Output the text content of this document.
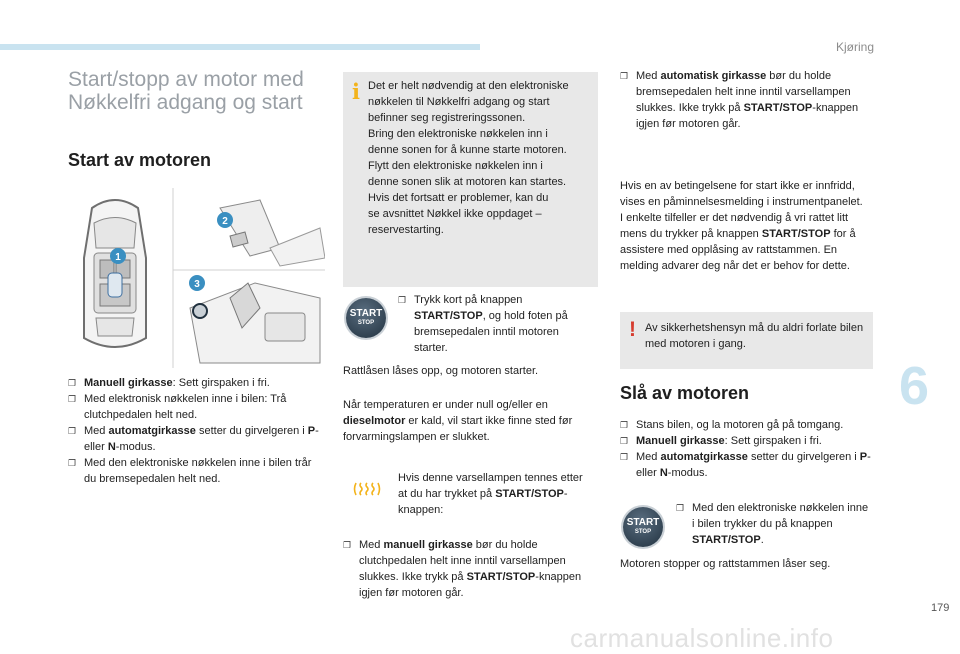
Kjøring
Start/stopp av motor med
Nøkkelfri adgang og start
Start av motoren
1
2
3
❐ Manuell girkasse: Sett girspaken i fri.
❐ Med elektronisk nøkkelen inne i bilen: Trå clutchpedalen helt ned.
❐ Med automatgirkasse setter du girvelgeren i P- eller N-modus.
❐ Med den elektroniske nøkkelen inne i bilen trår du bremsepedalen helt ned.
i Det er helt nødvendig at den elektroniske

nøkkelen til Nøkkelfri adgang og start

befinner seg registreringssonen.

Bring den elektroniske nøkkelen inn i

denne sonen for å kunne starte motoren.

Flytt den elektroniske nøkkelen inn i

denne sonen slik at motoren kan startes.

Hvis det fortsatt er problemer, kan du

se avsnittet Nøkkel ikke oppdaget –

reservestarting.

START
STOP
❐ Trykk kort på knappen START/STOP, og hold foten på bremsepedalen inntil motoren starter.

Rattlåsen låses opp, og motoren starter.

Når temperaturen er under null og/eller en dieselmotor er kald, vil start ikke finne sted før forvarmingslampen er slukket.

Hvis denne varsellampen tennes etter at du har trykket på START/STOP-knappen:

❐ Med manuell girkasse bør du holde clutchpedalen helt inne inntil varsellampen slukkes. Ikke trykk på START/STOP-knappen igjen før motoren går.
❐ Med automatisk girkasse bør du holde bremsepedalen helt inne inntil varsellampen slukkes. Ikke trykk på START/STOP-knappen igjen før motoren går.

Hvis en av betingelsene for start ikke er innfridd, vises en påminnelsesmelding i instrumentpanelet.

I enkelte tilfeller er det nødvendig å vri rattet litt mens du trykker på knappen START/STOP for å assistere med opplåsing av rattstammen. En melding advarer deg når det er behov for dette.

! Av sikkerhetshensyn må du aldri forlate bilen med motoren i gang.
Slå av motoren
❐ Stans bilen, og la motoren gå på tomgang.
❐ Manuell girkasse: Sett girspaken i fri.
❐ Med automatgirkasse setter du girvelgeren i P- eller N-modus.
START
STOP
❐ Med den elektroniske nøkkelen inne i bilen trykker du på knappen START/STOP.

Motoren stopper og rattstammen låser seg.

6
179
carmanualsonline.info
